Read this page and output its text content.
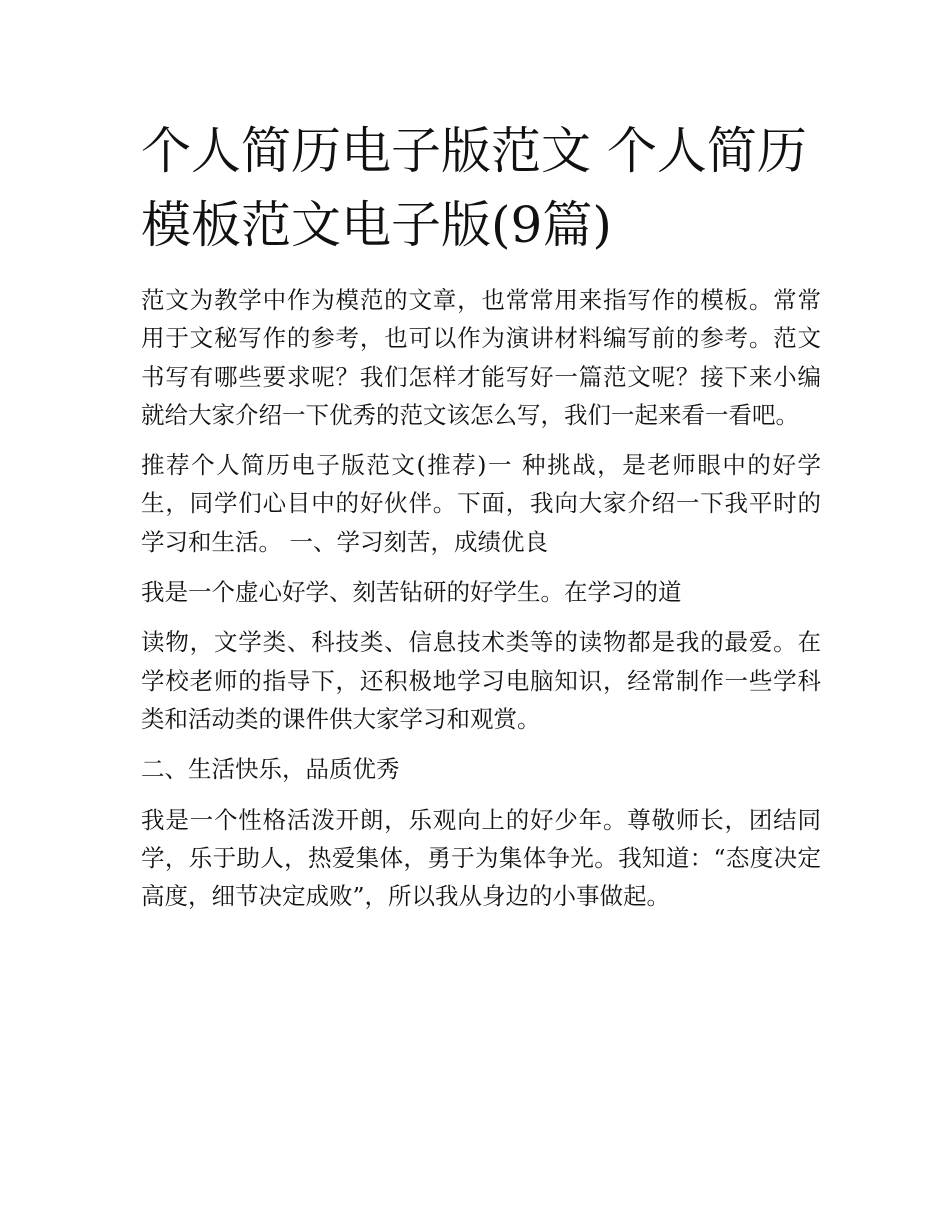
个人简历电子版范文 个人简历模板范文电子版(9篇)

范文为教学中作为模范的文章，也常常用来指写作的模板。常常用于文秘写作的参考，也可以作为演讲材料编写前的参考。范文书写有哪些要求呢？我们怎样才能写好一篇范文呢？接下来小编就给大家介绍一下优秀的范文该怎么写，我们一起来看一看吧。

推荐个人简历电子版范文(推荐)一 种挑战，是老师眼中的好学生，同学们心目中的好伙伴。下面，我向大家介绍一下我平时的学习和生活。 一、学习刻苦，成绩优良

我是一个虚心好学、刻苦钻研的好学生。在学习的道

读物，文学类、科技类、信息技术类等的读物都是我的最爱。在学校老师的指导下，还积极地学习电脑知识，经常制作一些学科类和活动类的课件供大家学习和观赏。

二、生活快乐，品质优秀

我是一个性格活泼开朗，乐观向上的好少年。尊敬师长，团结同学，乐于助人，热爱集体，勇于为集体争光。我知道：“态度决定高度，细节决定成败”，所以我从身边的小事做起。
